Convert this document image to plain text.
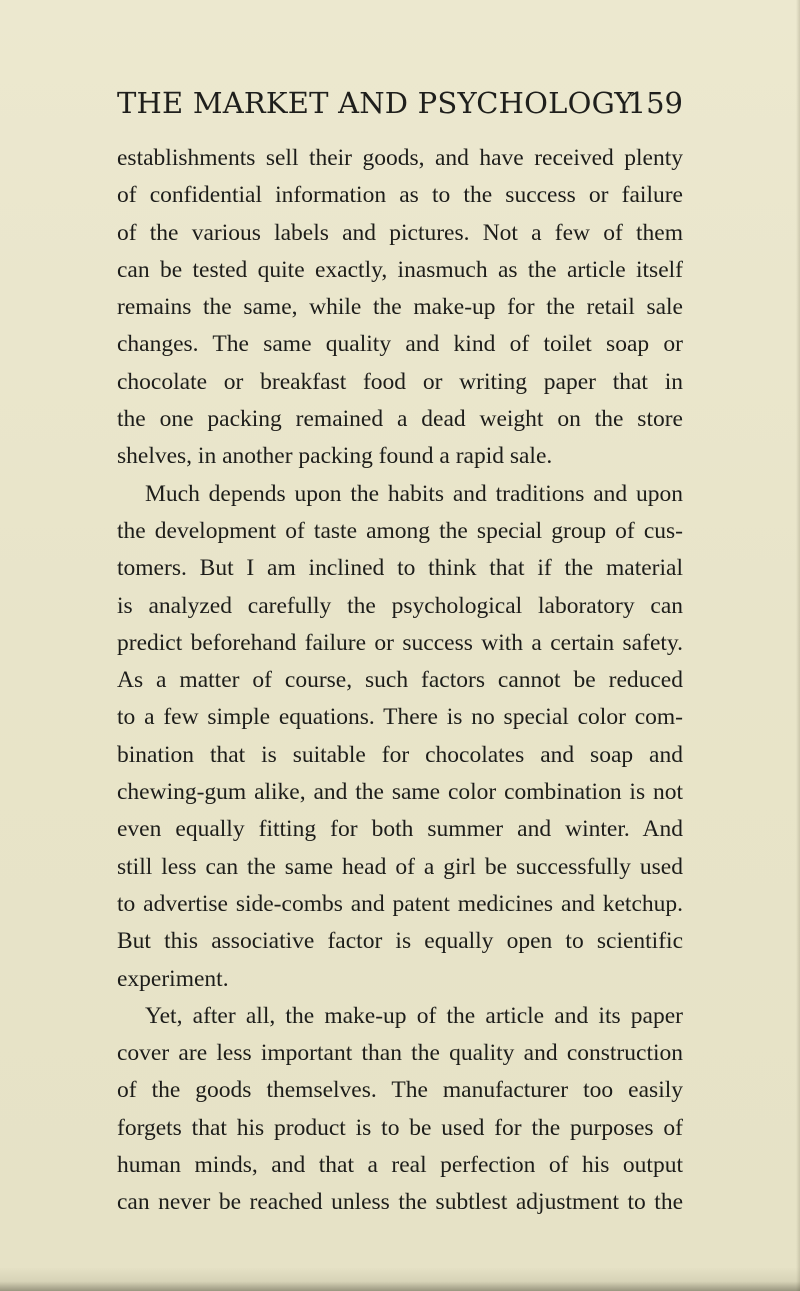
THE MARKET AND PSYCHOLOGY
159
establishments sell their goods, and have received plenty
of confidential information as to the success or failure
of the various labels and pictures. Not a few of them
can be tested quite exactly, inasmuch as the article itself
remains the same, while the make-up for the retail sale
changes. The same quality and kind of toilet soap or
chocolate or breakfast food or writing paper that in
the one packing remained a dead weight on the store
shelves, in another packing found a rapid sale.
Much depends upon the habits and traditions and upon
the development of taste among the special group of cus-
tomers. But I am inclined to think that if the material
is analyzed carefully the psychological laboratory can
predict beforehand failure or success with a certain safety.
As a matter of course, such factors cannot be reduced
to a few simple equations. There is no special color com-
bination that is suitable for chocolates and soap and
chewing-gum alike, and the same color combination is not
even equally fitting for both summer and winter. And
still less can the same head of a girl be successfully used
to advertise side-combs and patent medicines and ketchup.
But this associative factor is equally open to scientific
experiment.
Yet, after all, the make-up of the article and its paper
cover are less important than the quality and construction
of the goods themselves. The manufacturer too easily
forgets that his product is to be used for the purposes of
human minds, and that a real perfection of his output
can never be reached unless the subtlest adjustment to the
